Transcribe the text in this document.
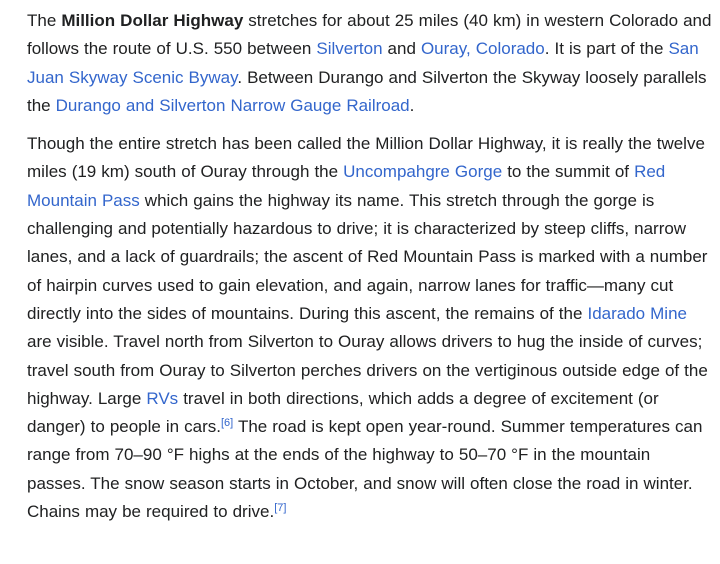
The Million Dollar Highway stretches for about 25 miles (40 km) in western Colorado and follows the route of U.S. 550 between Silverton and Ouray, Colorado. It is part of the San Juan Skyway Scenic Byway. Between Durango and Silverton the Skyway loosely parallels the Durango and Silverton Narrow Gauge Railroad.

Though the entire stretch has been called the Million Dollar Highway, it is really the twelve miles (19 km) south of Ouray through the Uncompahgre Gorge to the summit of Red Mountain Pass which gains the highway its name. This stretch through the gorge is challenging and potentially hazardous to drive; it is characterized by steep cliffs, narrow lanes, and a lack of guardrails; the ascent of Red Mountain Pass is marked with a number of hairpin curves used to gain elevation, and again, narrow lanes for traffic—many cut directly into the sides of mountains. During this ascent, the remains of the Idarado Mine are visible. Travel north from Silverton to Ouray allows drivers to hug the inside of curves; travel south from Ouray to Silverton perches drivers on the vertiginous outside edge of the highway. Large RVs travel in both directions, which adds a degree of excitement (or danger) to people in cars.[6] The road is kept open year-round. Summer temperatures can range from 70–90 °F highs at the ends of the highway to 50–70 °F in the mountain passes. The snow season starts in October, and snow will often close the road in winter. Chains may be required to drive.[7]
